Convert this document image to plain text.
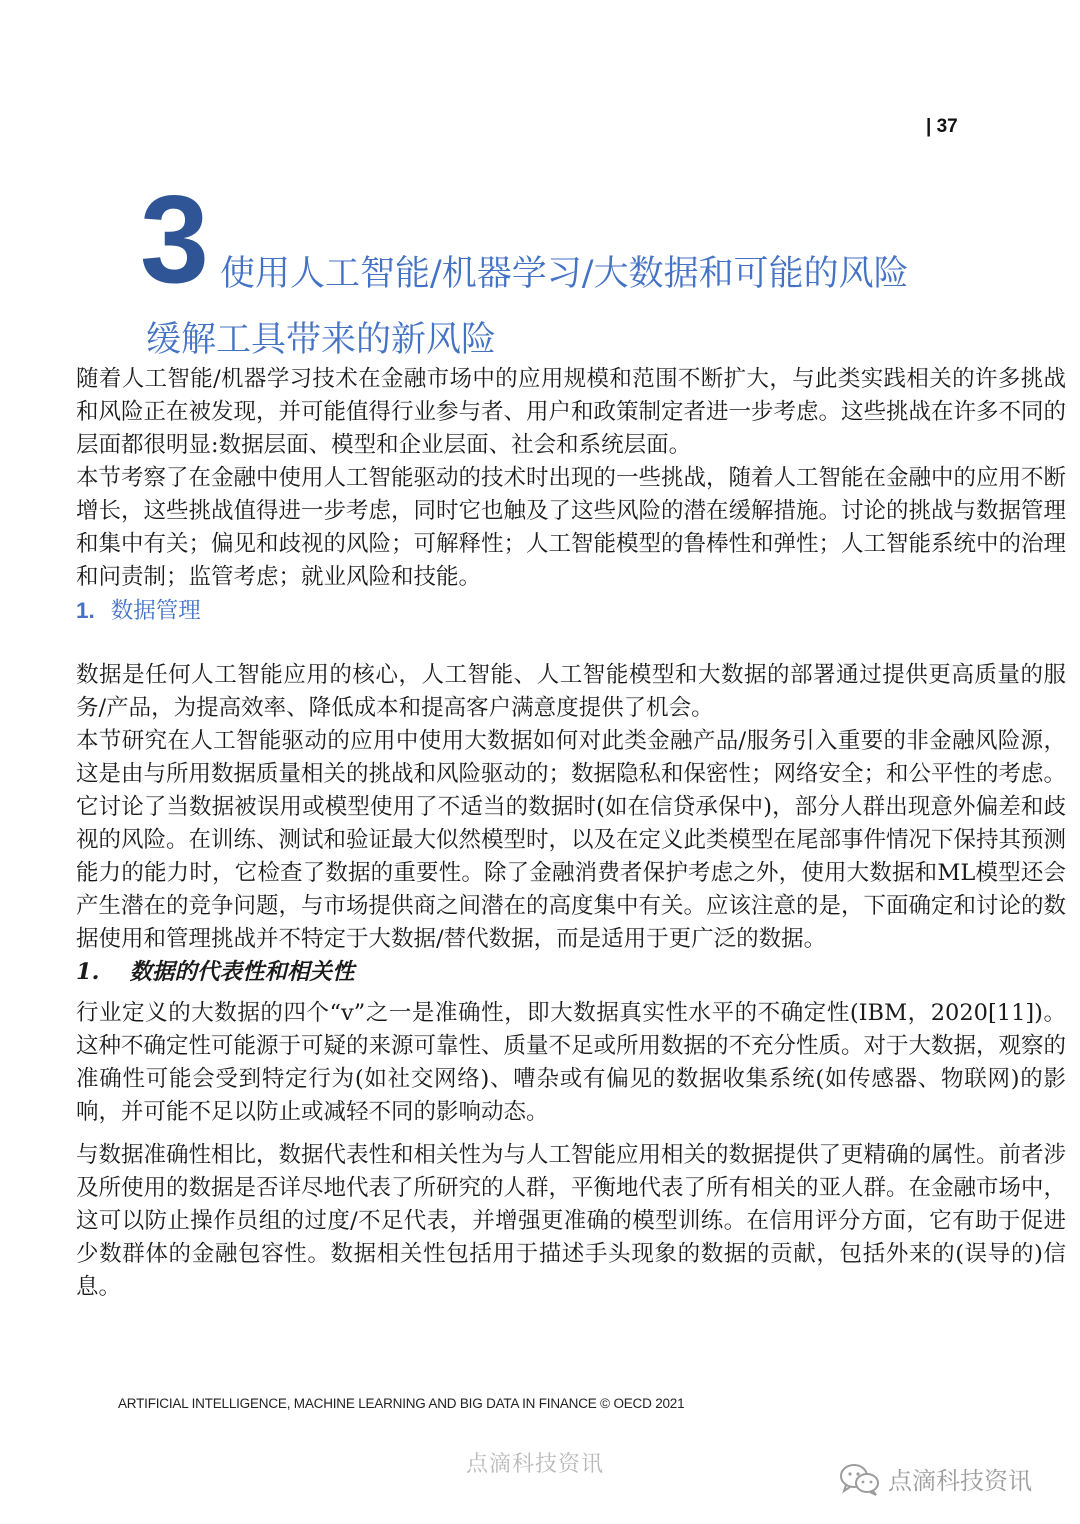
| 37
3 使用人工智能/机器学习/大数据和可能的风险
缓解工具带来的新风险

随着人工智能/机器学习技术在金融市场中的应用规模和范围不断扩大，与此类实践相关的许多挑战和风险正在被发现，并可能值得行业参与者、用户和政策制定者进一步考虑。这些挑战在许多不同的层面都很明显:数据层面、模型和企业层面、社会和系统层面。

本节考察了在金融中使用人工智能驱动的技术时出现的一些挑战，随着人工智能在金融中的应用不断增长，这些挑战值得进一步考虑，同时它也触及了这些风险的潜在缓解措施。讨论的挑战与数据管理和集中有关；偏见和歧视的风险；可解释性；人工智能模型的鲁棒性和弹性；人工智能系统中的治理和问责制；监管考虑；就业风险和技能。

1. 数据管理

数据是任何人工智能应用的核心，人工智能、人工智能模型和大数据的部署通过提供更高质量的服务/产品，为提高效率、降低成本和提高客户满意度提供了机会。

本节研究在人工智能驱动的应用中使用大数据如何对此类金融产品/服务引入重要的非金融风险源，这是由与所用数据质量相关的挑战和风险驱动的；数据隐私和保密性；网络安全；和公平性的考虑。它讨论了当数据被误用或模型使用了不适当的数据时(如在信贷承保中)，部分人群出现意外偏差和歧视的风险。在训练、测试和验证最大似然模型时，以及在定义此类模型在尾部事件情况下保持其预测能力的能力时，它检查了数据的重要性。除了金融消费者保护考虑之外，使用大数据和ML模型还会产生潜在的竞争问题，与市场提供商之间潜在的高度集中有关。应该注意的是，下面确定和讨论的数据使用和管理挑战并不特定于大数据/替代数据，而是适用于更广泛的数据。

1. 数据的代表性和相关性

行业定义的大数据的四个“v”之一是准确性，即大数据真实性水平的不确定性(IBM，2020[11])。这种不确定性可能源于可疑的来源可靠性、质量不足或所用数据的不充分性质。对于大数据，观察的准确性可能会受到特定行为(如社交网络)、嘈杂或有偏见的数据收集系统(如传感器、物联网)的影响，并可能不足以防止或减轻不同的影响动态。

与数据准确性相比，数据代表性和相关性为与人工智能应用相关的数据提供了更精确的属性。前者涉及所使用的数据是否详尽地代表了所研究的人群，平衡地代表了所有相关的亚人群。在金融市场中，这可以防止操作员组的过度/不足代表，并增强更准确的模型训练。在信用评分方面，它有助于促进少数群体的金融包容性。数据相关性包括用于描述手头现象的数据的贡献，包括外来的(误导的)信息。

ARTIFICIAL INTELLIGENCE, MACHINE LEARNING AND BIG DATA IN FINANCE © OECD 2021
点滴科技资讯
点滴科技资讯
